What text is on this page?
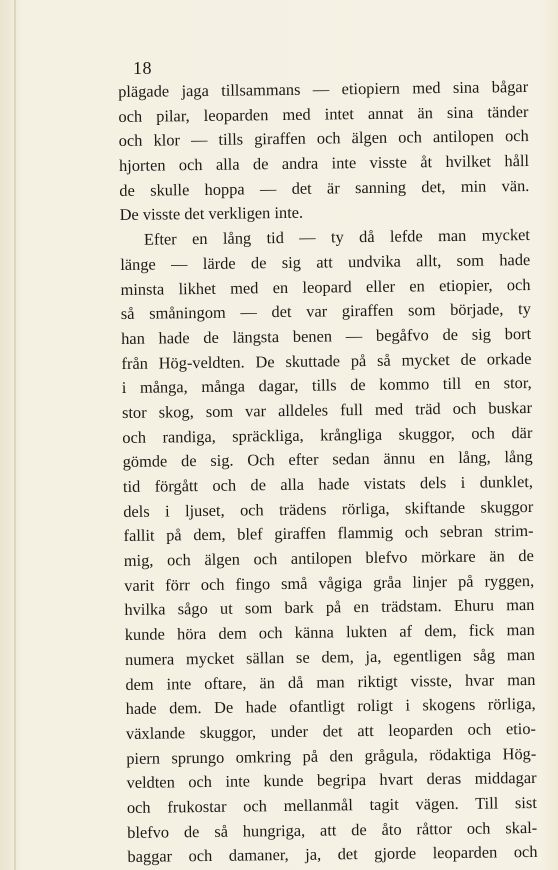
18
plägade jaga tillsammans — etiopiern med sina bågar
och pilar, leoparden med intet annat än sina tänder
och klor — tills giraffen och älgen och antilopen och
hjorten och alla de andra inte visste åt hvilket håll
de skulle hoppa — det är sanning det, min vän.
De visste det verkligen inte.
Efter en lång tid — ty då lefde man mycket
länge — lärde de sig att undvika allt, som hade
minsta likhet med en leopard eller en etiopier, och
så småningom — det var giraffen som började, ty
han hade de längsta benen — begåfvo de sig bort
från Hög-veldten. De skuttade på så mycket de orkade
i många, många dagar, tills de kommo till en stor,
stor skog, som var alldeles full med träd och buskar
och randiga, spräckliga, krångliga skuggor, och där
gömde de sig. Och efter sedan ännu en lång, lång
tid förgått och de alla hade vistats dels i dunklet,
dels i ljuset, och trädens rörliga, skiftande skuggor
fallit på dem, blef giraffen flammig och sebran strim-
mig, och älgen och antilopen blefvo mörkare än de
varit förr och fingo små vågiga gråa linjer på ryggen,
hvilka sågo ut som bark på en trädstam. Ehuru man
kunde höra dem och känna lukten af dem, fick man
numera mycket sällan se dem, ja, egentligen såg man
dem inte oftare, än då man riktigt visste, hvar man
hade dem. De hade ofantligt roligt i skogens rörliga,
växlande skuggor, under det att leoparden och etio-
piern sprungo omkring på den grågula, rödaktiga Hög-
veldten och inte kunde begripa hvart deras middagar
och frukostar och mellanmål tagit vägen. Till sist
blefvo de så hungriga, att de åto råttor och skal-
baggar och damaner, ja, det gjorde leoparden och
